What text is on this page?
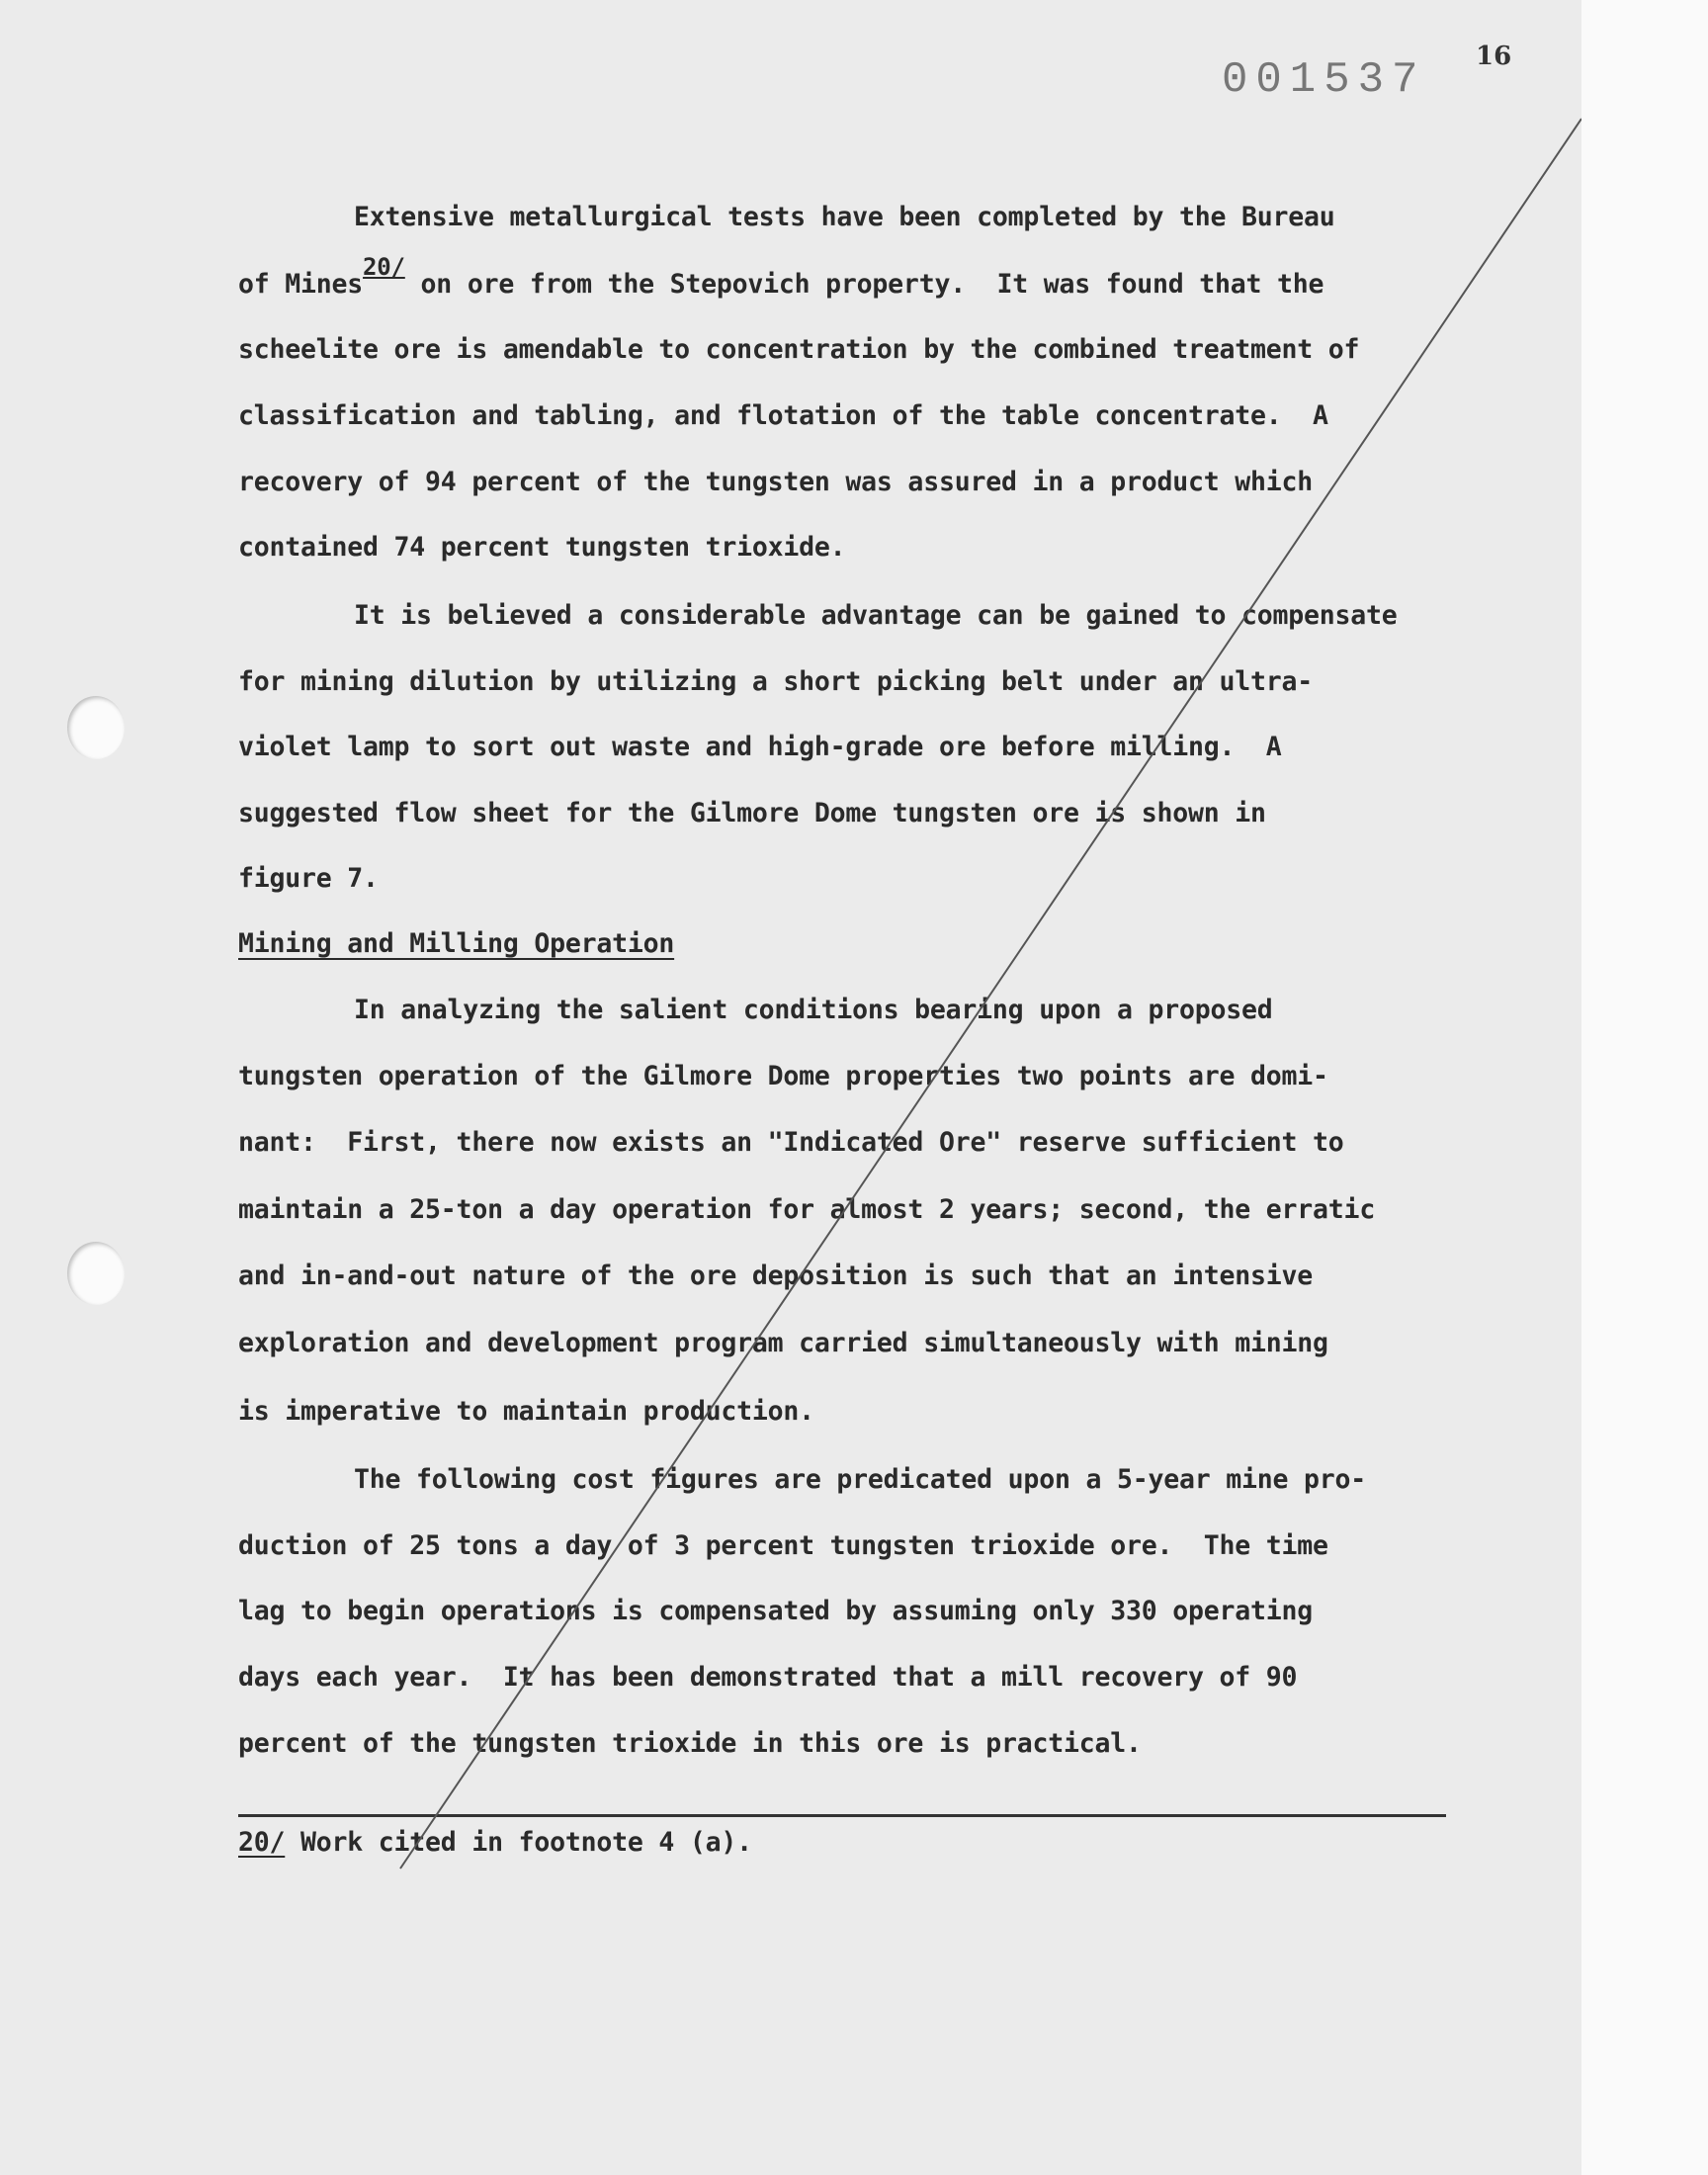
001537 16
Extensive metallurgical tests have been completed by the Bureau
of Mines20/ on ore from the Stepovich property.  It was found that the
scheelite ore is amendable to concentration by the combined treatment of
classification and tabling, and flotation of the table concentrate.  A
recovery of 94 percent of the tungsten was assured in a product which
contained 74 percent tungsten trioxide.
It is believed a considerable advantage can be gained to compensate
for mining dilution by utilizing a short picking belt under an ultra-
violet lamp to sort out waste and high-grade ore before milling.  A
suggested flow sheet for the Gilmore Dome tungsten ore is shown in
figure 7.
Mining and Milling Operation
In analyzing the salient conditions bearing upon a proposed
tungsten operation of the Gilmore Dome properties two points are domi-
nant:  First, there now exists an "Indicated Ore" reserve sufficient to
maintain a 25-ton a day operation for almost 2 years; second, the erratic
and in-and-out nature of the ore deposition is such that an intensive
exploration and development program carried simultaneously with mining
is imperative to maintain production.
The following cost figures are predicated upon a 5-year mine pro-
duction of 25 tons a day of 3 percent tungsten trioxide ore.  The time
lag to begin operations is compensated by assuming only 330 operating
days each year.  It has been demonstrated that a mill recovery of 90
percent of the tungsten trioxide in this ore is practical.
20/ Work cited in footnote 4 (a).
